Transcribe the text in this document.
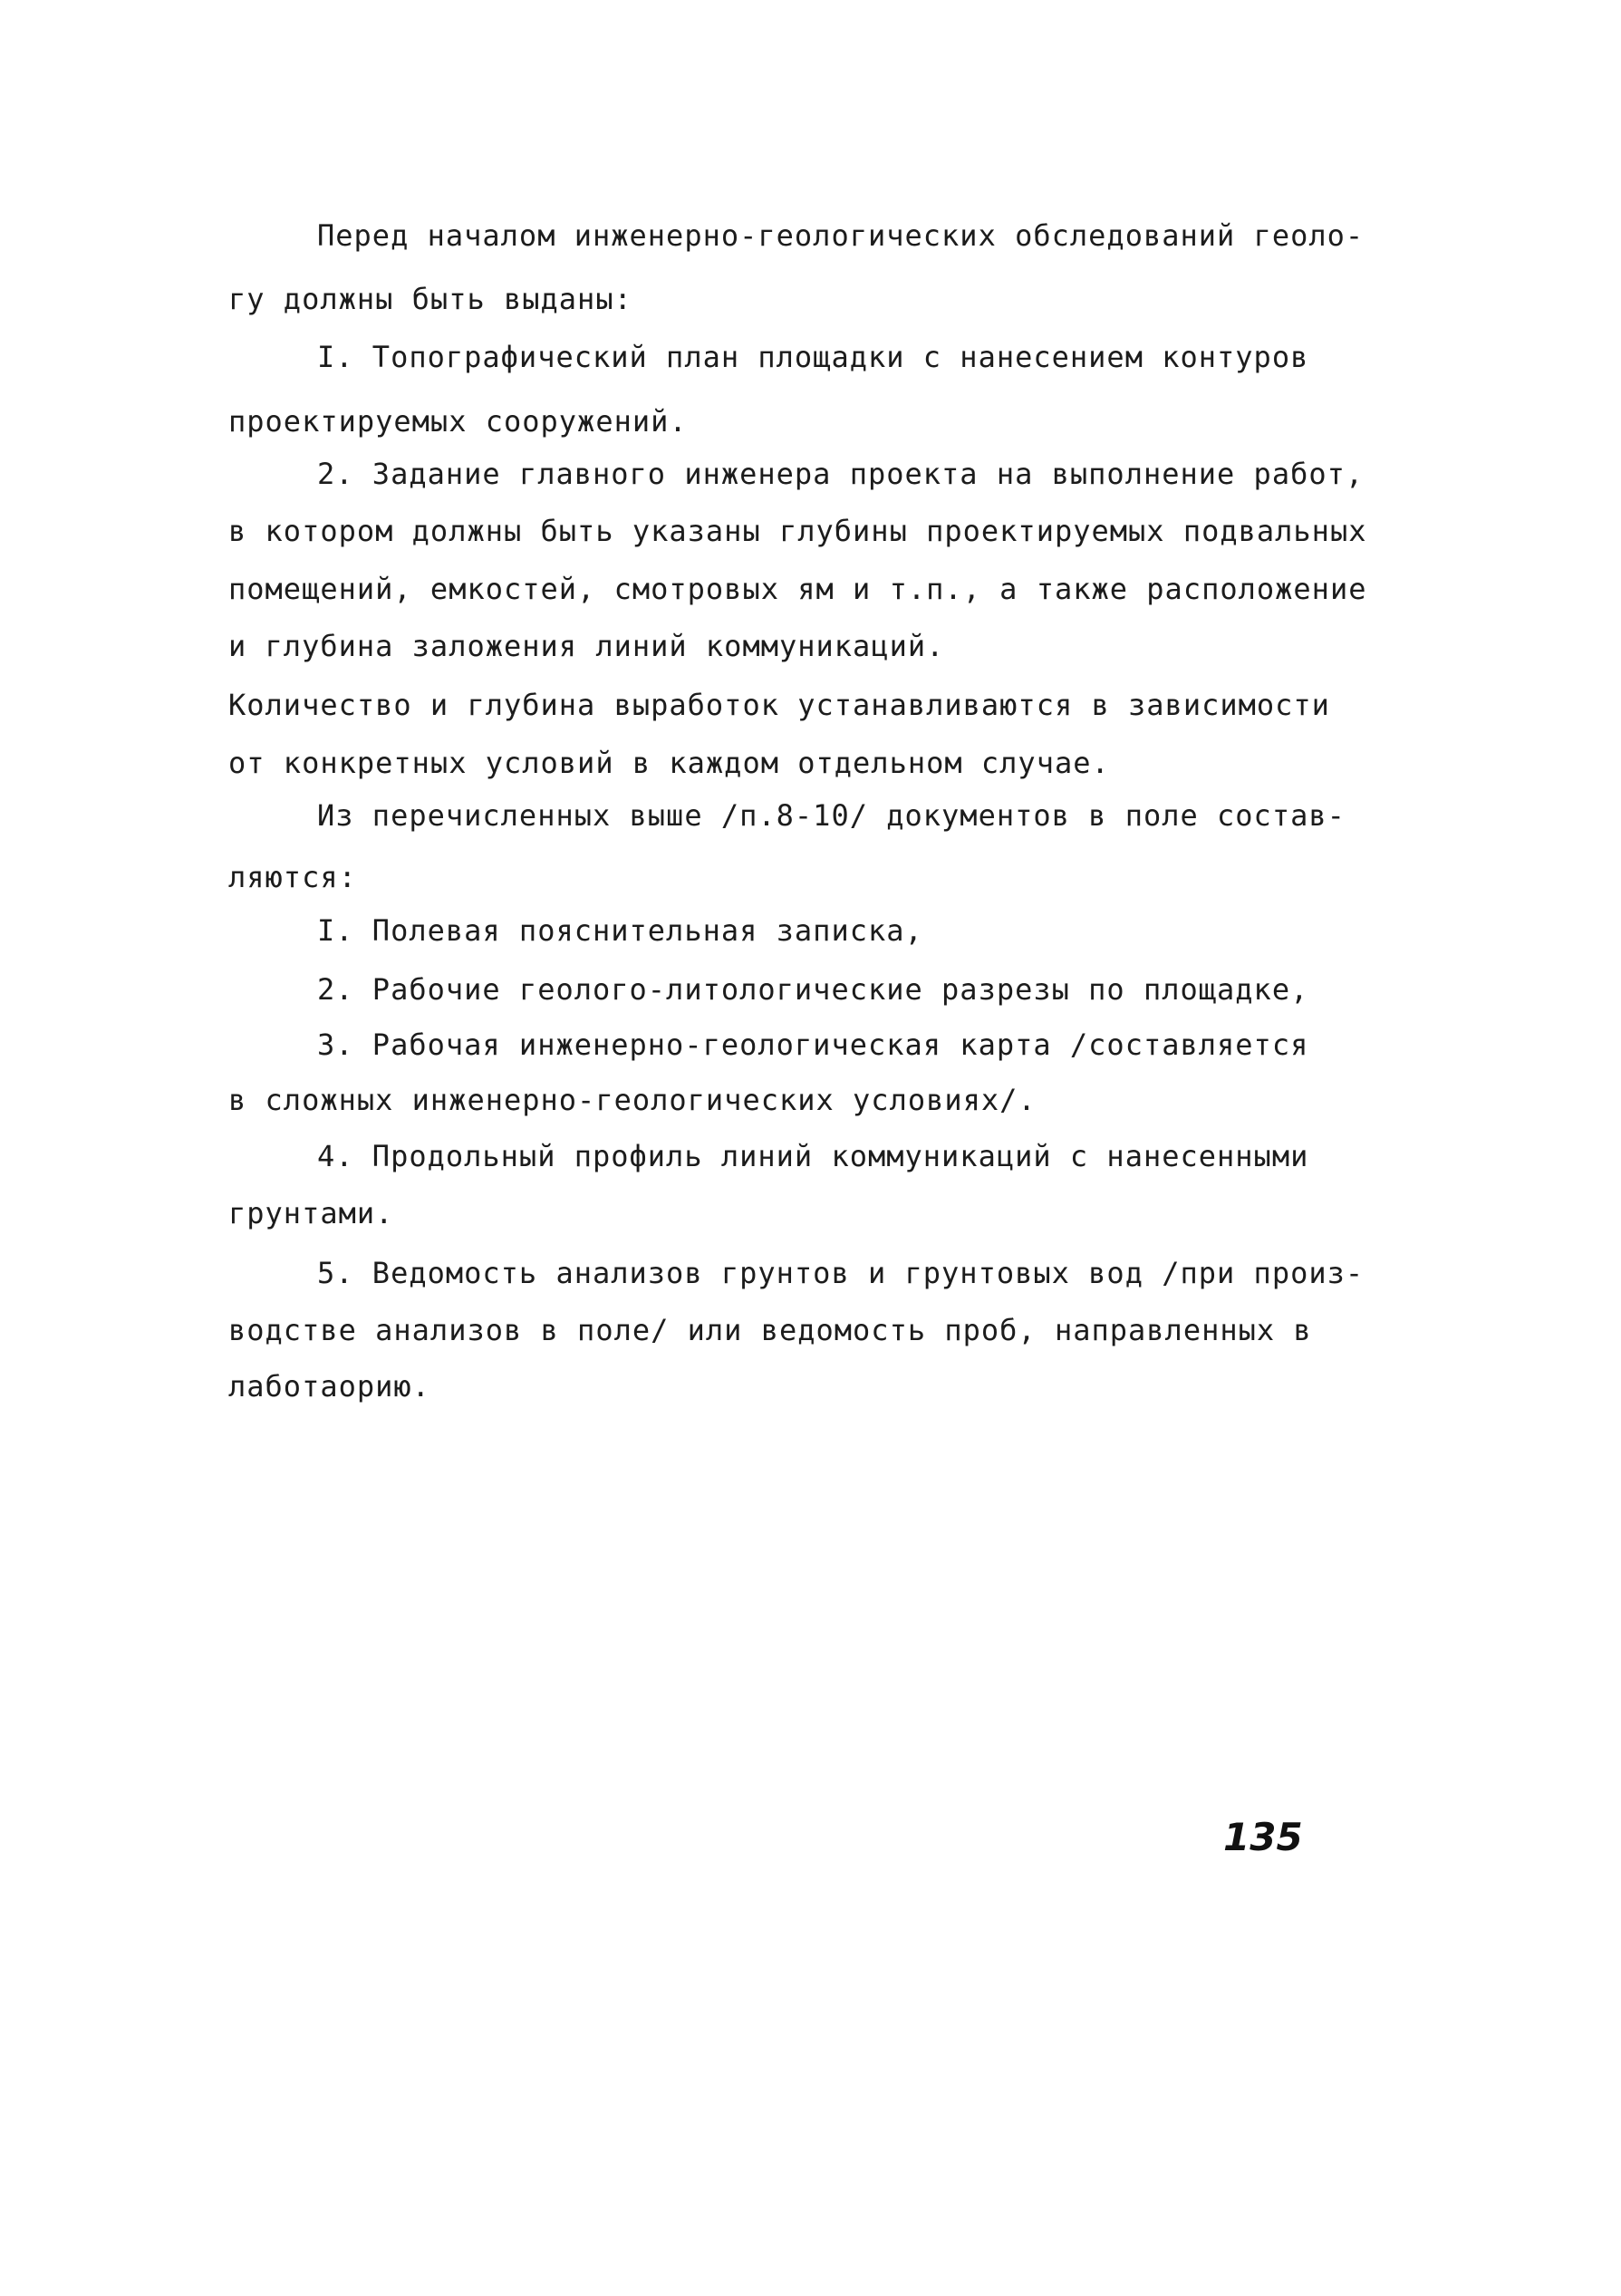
Перед началом инженерно-геологических обследований геоло-
гу должны быть выданы:
I. Топографический план площадки с нанесением контуров
проектируемых сооружений.
2. Задание главного инженера проекта на выполнение работ,
в котором должны быть указаны глубины проектируемых подвальных
помещений, емкостей, смотровых ям и т.п., а также расположение
и глубина заложения линий коммуникаций.
Количество и глубина выработок устанавливаются в зависимости
от конкретных условий в каждом отдельном случае.
Из перечисленных выше /п.8-10/ документов в поле состав-
ляются:
I. Полевая пояснительная записка,
2. Рабочие геолого-литологические разрезы по площадке,
3. Рабочая инженерно-геологическая карта /составляется
в сложных инженерно-геологических условиях/.
4. Продольный профиль линий коммуникаций с нанесенными
грунтами.
5. Ведомость анализов грунтов и грунтовых вод /при произ-
водстве анализов в поле/ или ведомость проб, направленных в
лаботаорию.
135
